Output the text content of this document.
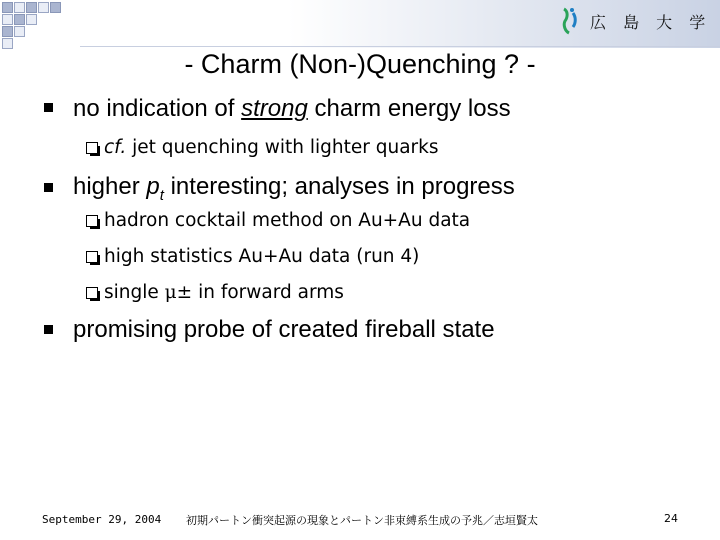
広 島 大 学
- Charm (Non-)Quenching ? -
no indication of strong charm energy loss
cf. jet quenching with lighter quarks
higher $p_t$ interesting; analyses in progress
hadron cocktail method on Au+Au data
high statistics Au+Au data (run 4)
single μ± in forward arms
promising probe of created fireball state
September 29, 2004 初期パートン衝突起源の現象とパートン非束縛系生成の予兆／志垣賢太	24
